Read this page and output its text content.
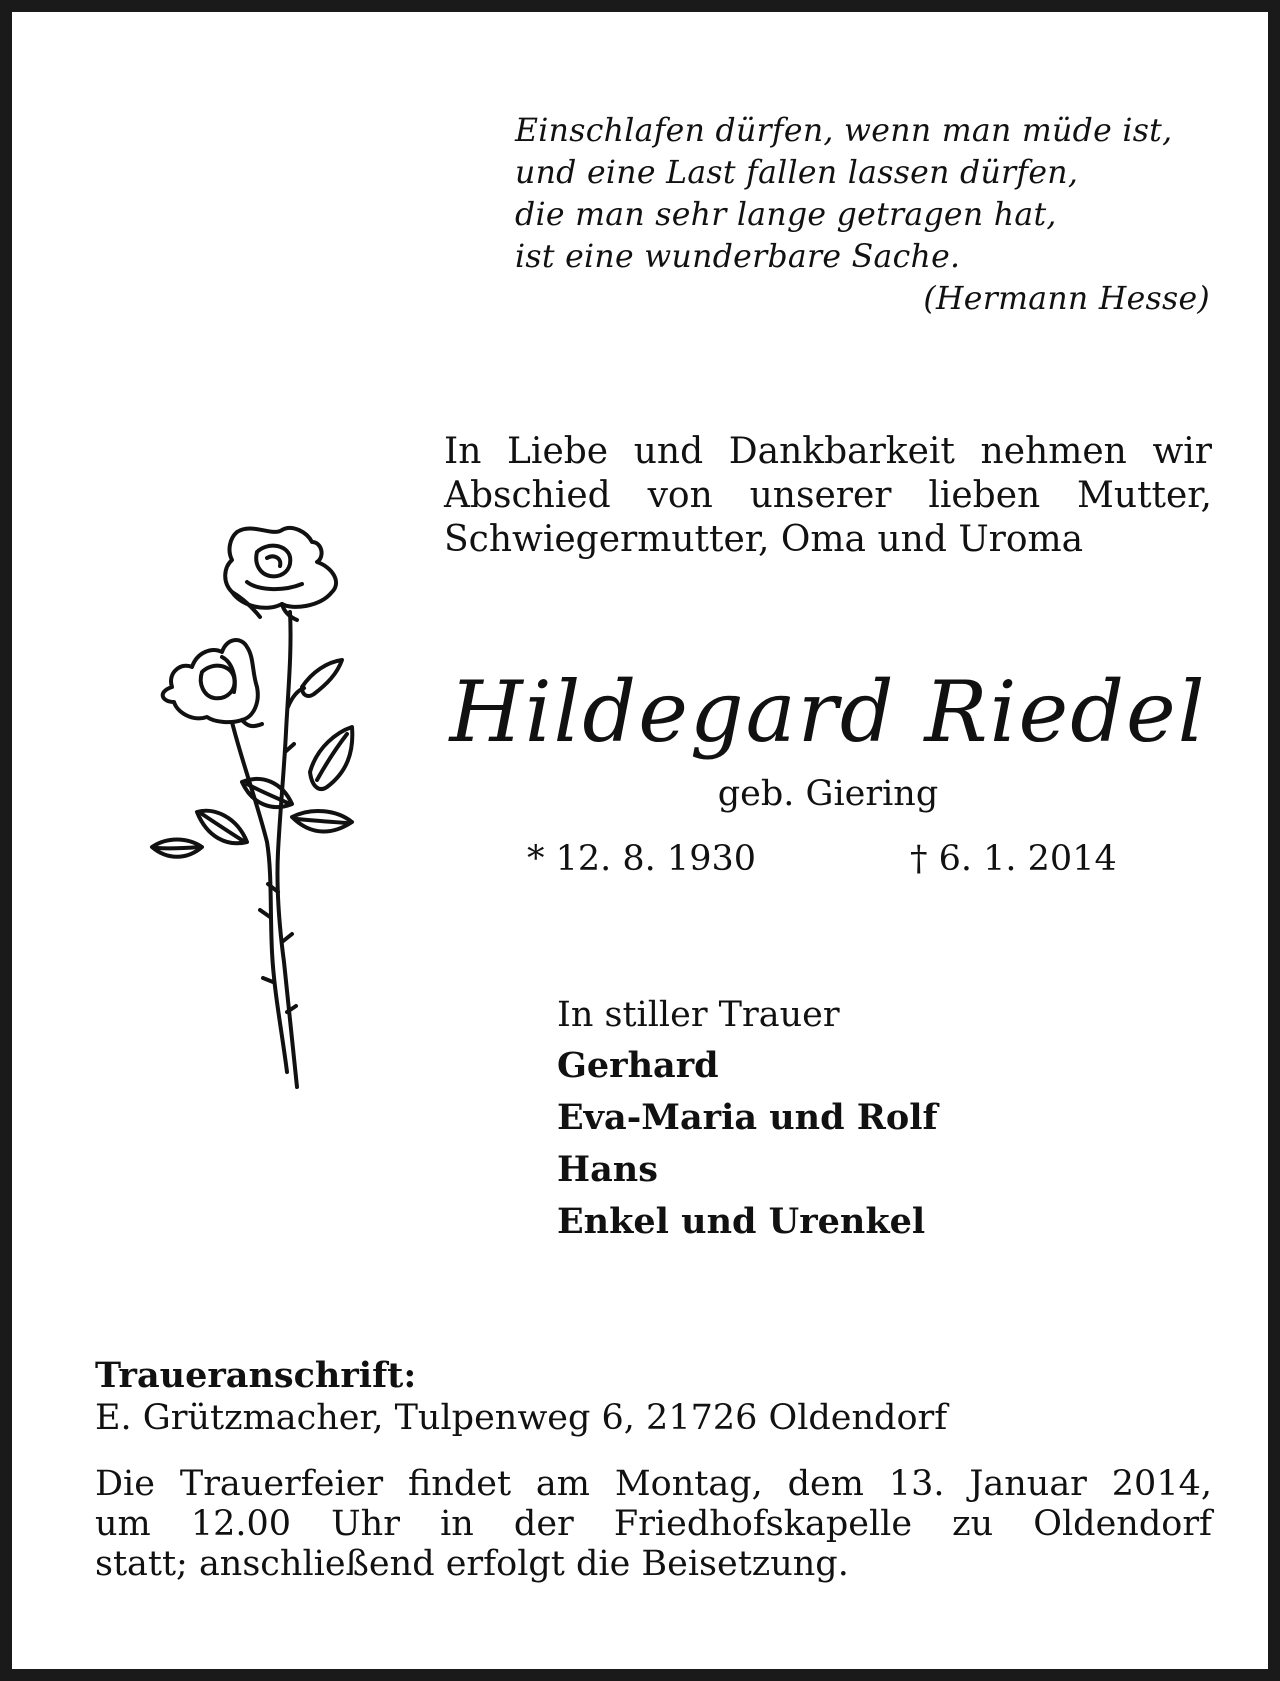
Einschlafen dürfen, wenn man müde ist,
und eine Last fallen lassen dürfen,
die man sehr lange getragen hat,
ist eine wunderbare Sache.
(Hermann Hesse)
In Liebe und Dankbarkeit nehmen wir
Abschied von unserer lieben Mutter,
Schwiegermutter, Oma und Uroma
Hildegard Riedel
geb. Giering
* 12. 8. 1930	† 6. 1. 2014
In stiller Trauer
Gerhard
Eva-Maria und Rolf
Hans
Enkel und Urenkel
Traueranschrift:
E. Grützmacher, Tulpenweg 6, 21726 Oldendorf
Die Trauerfeier findet am Montag, dem 13. Januar 2014,
um 12.00 Uhr in der Friedhofskapelle zu Oldendorf
statt; anschließend erfolgt die Beisetzung.
